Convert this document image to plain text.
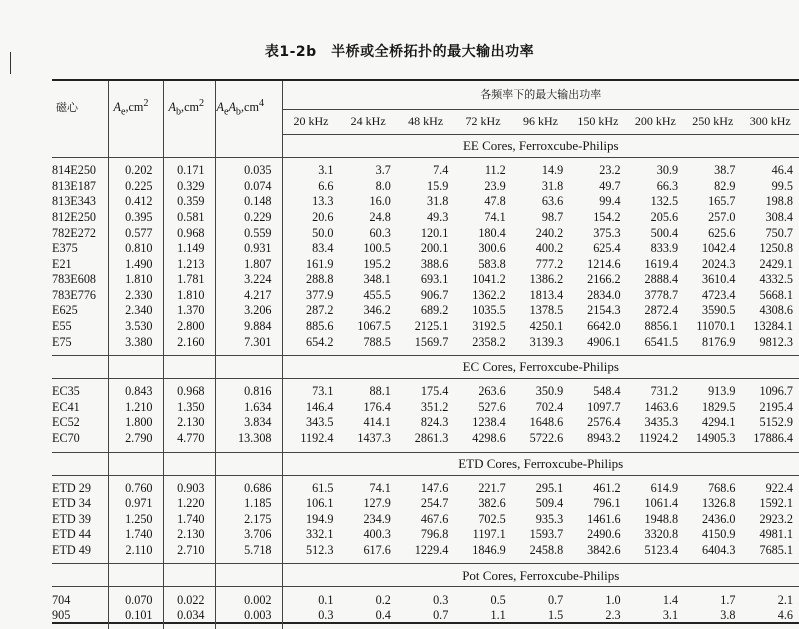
表1-2b　半桥或全桥拓扑的最大输出功率
磁心	$A_e,cm^2$	$A_b,cm^2$	$A_eA_b,cm^4$	各频率下的最大输出功率								
				20 kHz	24 kHz	48 kHz	72 kHz	96 kHz	150 kHz	200 kHz	250 kHz	300 kHz
				EE Cores, Ferroxcube-Philips								

814E250	0.202	0.171	0.035	3.1	3.7	7.4	11.2	14.9	23.2	30.9	38.7	46.4
813E187	0.225	0.329	0.074	6.6	8.0	15.9	23.9	31.8	49.7	66.3	82.9	99.5
813E343	0.412	0.359	0.148	13.3	16.0	31.8	47.8	63.6	99.4	132.5	165.7	198.8
812E250	0.395	0.581	0.229	20.6	24.8	49.3	74.1	98.7	154.2	205.6	257.0	308.4
782E272	0.577	0.968	0.559	50.0	60.3	120.1	180.4	240.2	375.3	500.4	625.6	750.7
E375	0.810	1.149	0.931	83.4	100.5	200.1	300.6	400.2	625.4	833.9	1042.4	1250.8
E21	1.490	1.213	1.807	161.9	195.2	388.6	583.8	777.2	1214.6	1619.4	2024.3	2429.1
783E608	1.810	1.781	3.224	288.8	348.1	693.1	1041.2	1386.2	2166.2	2888.4	3610.4	4332.5
783E776	2.330	1.810	4.217	377.9	455.5	906.7	1362.2	1813.4	2834.0	3778.7	4723.4	5668.1
E625	2.340	1.370	3.206	287.2	346.2	689.2	1035.5	1378.5	2154.3	2872.4	3590.5	4308.6
E55	3.530	2.800	9.884	885.6	1067.5	2125.1	3192.5	4250.1	6642.0	8856.1	11070.1	13284.1
E75	3.380	2.160	7.301	654.2	788.5	1569.7	2358.2	3139.3	4906.1	6541.5	8176.9	9812.3

				EC Cores, Ferroxcube-Philips								

EC35	0.843	0.968	0.816	73.1	88.1	175.4	263.6	350.9	548.4	731.2	913.9	1096.7
EC41	1.210	1.350	1.634	146.4	176.4	351.2	527.6	702.4	1097.7	1463.6	1829.5	2195.4
EC52	1.800	2.130	3.834	343.5	414.1	824.3	1238.4	1648.6	2576.4	3435.3	4294.1	5152.9
EC70	2.790	4.770	13.308	1192.4	1437.3	2861.3	4298.6	5722.6	8943.2	11924.2	14905.3	17886.4

				ETD Cores, Ferroxcube-Philips								

ETD 29	0.760	0.903	0.686	61.5	74.1	147.6	221.7	295.1	461.2	614.9	768.6	922.4
ETD 34	0.971	1.220	1.185	106.1	127.9	254.7	382.6	509.4	796.1	1061.4	1326.8	1592.1
ETD 39	1.250	1.740	2.175	194.9	234.9	467.6	702.5	935.3	1461.6	1948.8	2436.0	2923.2
ETD 44	1.740	2.130	3.706	332.1	400.3	796.8	1197.1	1593.7	2490.6	3320.8	4150.9	4981.1
ETD 49	2.110	2.710	5.718	512.3	617.6	1229.4	1846.9	2458.8	3842.6	5123.4	6404.3	7685.1

				Pot Cores, Ferroxcube-Philips								

704	0.070	0.022	0.002	0.1	0.2	0.3	0.5	0.7	1.0	1.4	1.7	2.1
905	0.101	0.034	0.003	0.3	0.4	0.7	1.1	1.5	2.3	3.1	3.8	4.6
